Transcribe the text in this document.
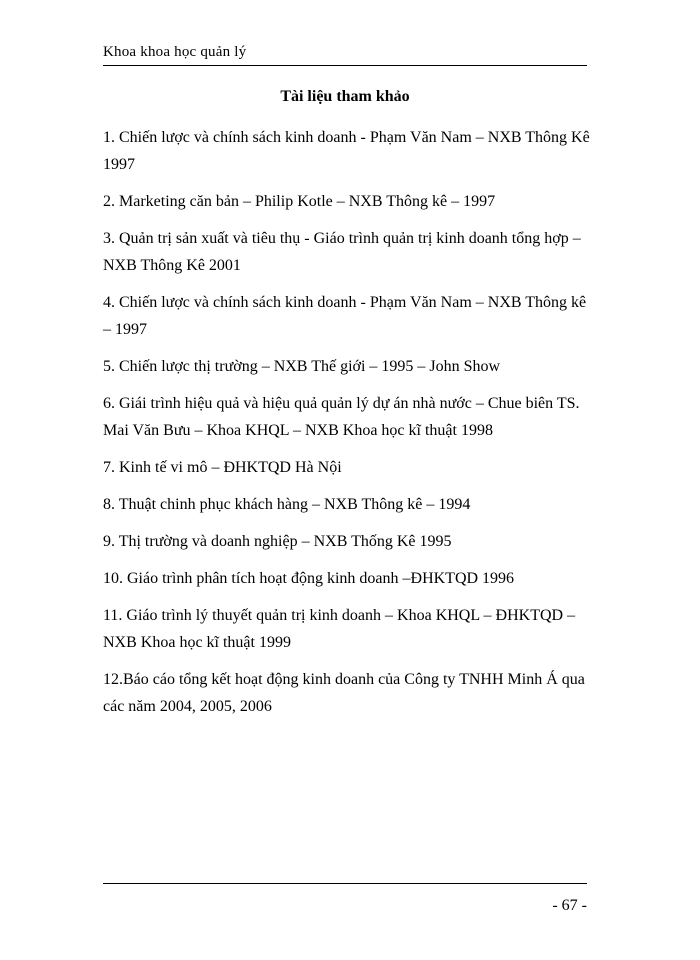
Khoa khoa học quản lý
Tài liệu tham khảo
1. Chiến lược và chính sách kinh doanh - Phạm Văn Nam – NXB Thông Kê 1997
2. Marketing căn bản – Philip Kotle – NXB Thông kê – 1997
3. Quản trị sản xuất và tiêu thụ - Giáo trình quản trị kinh doanh tổng hợp – NXB Thông Kê 2001
4. Chiến lược và chính sách kinh doanh - Phạm Văn Nam – NXB Thông kê – 1997
5. Chiến lược thị trường – NXB Thế giới – 1995 – John Show
6. Giái trình hiệu quả và hiệu quả quản lý dự án nhà nước – Chue biên TS. Mai Văn Bưu – Khoa KHQL – NXB Khoa học kĩ thuật 1998
7. Kinh tế vi mô – ĐHKTQD Hà Nội
8. Thuật chinh phục khách hàng – NXB Thông kê – 1994
9. Thị trường và doanh nghiệp – NXB Thống Kê 1995
10. Giáo trình phân tích hoạt động kinh doanh –ĐHKTQD 1996
11. Giáo trình lý thuyết quản trị kinh doanh – Khoa KHQL – ĐHKTQD – NXB Khoa học kĩ thuật 1999
12.Báo cáo tổng kết hoạt động kinh doanh của Công ty TNHH Minh Á qua các năm 2004, 2005, 2006
- 67 -
